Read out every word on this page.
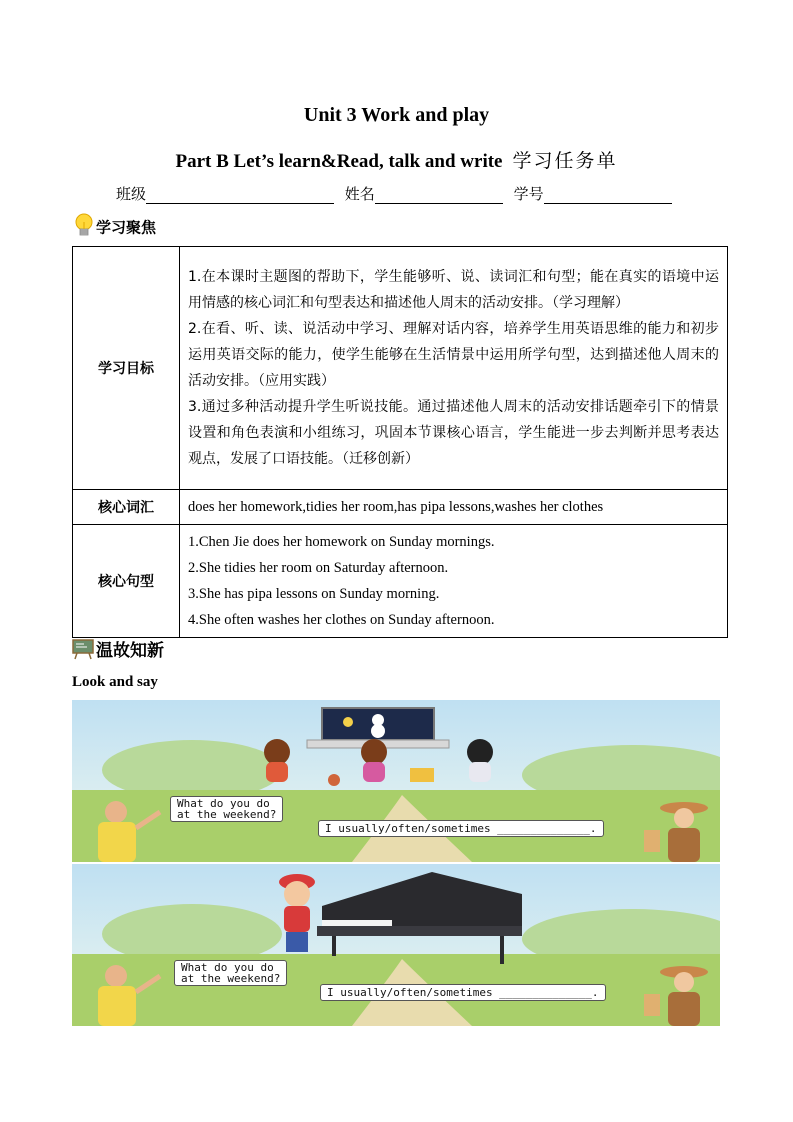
Unit 3 Work and play
Part B Let’s learn&Read, talk and write 学习任务单
班级	姓名	学号
学习聚焦
学习目标	1.在本课时主题图的帮助下，学生能够听、说、读词汇和句型；能在真实的语境中运用情感的核心词汇和句型表达和描述他人周末的活动安排。（学习理解）
2.在看、听、读、说活动中学习、理解对话内容，培养学生用英语思维的能力和初步运用英语交际的能力，使学生能够在生活情景中运用所学句型，达到描述他人周末的活动安排。（应用实践）
3.通过多种活动提升学生听说技能。通过描述他人周末的活动安排话题牵引下的情景设置和角色表演和小组练习，巩固本节课核心语言，学生能进一步去判断并思考表达观点，发展了口语技能。（迁移创新）

核心词汇	does her homework,tidies her room,has pipa lessons,washes her clothes
核心句型	1.Chen Jie does her homework on Sunday mornings.
2.She tidies her room on Saturday afternoon.
3.She has pipa lessons on Sunday morning.
4.She often washes her clothes on Sunday afternoon.
温故知新
Look and say
What do you do
at the weekend?
I usually/often/sometimes ______________.
What do you do
at the weekend?
I usually/often/sometimes ______________.
